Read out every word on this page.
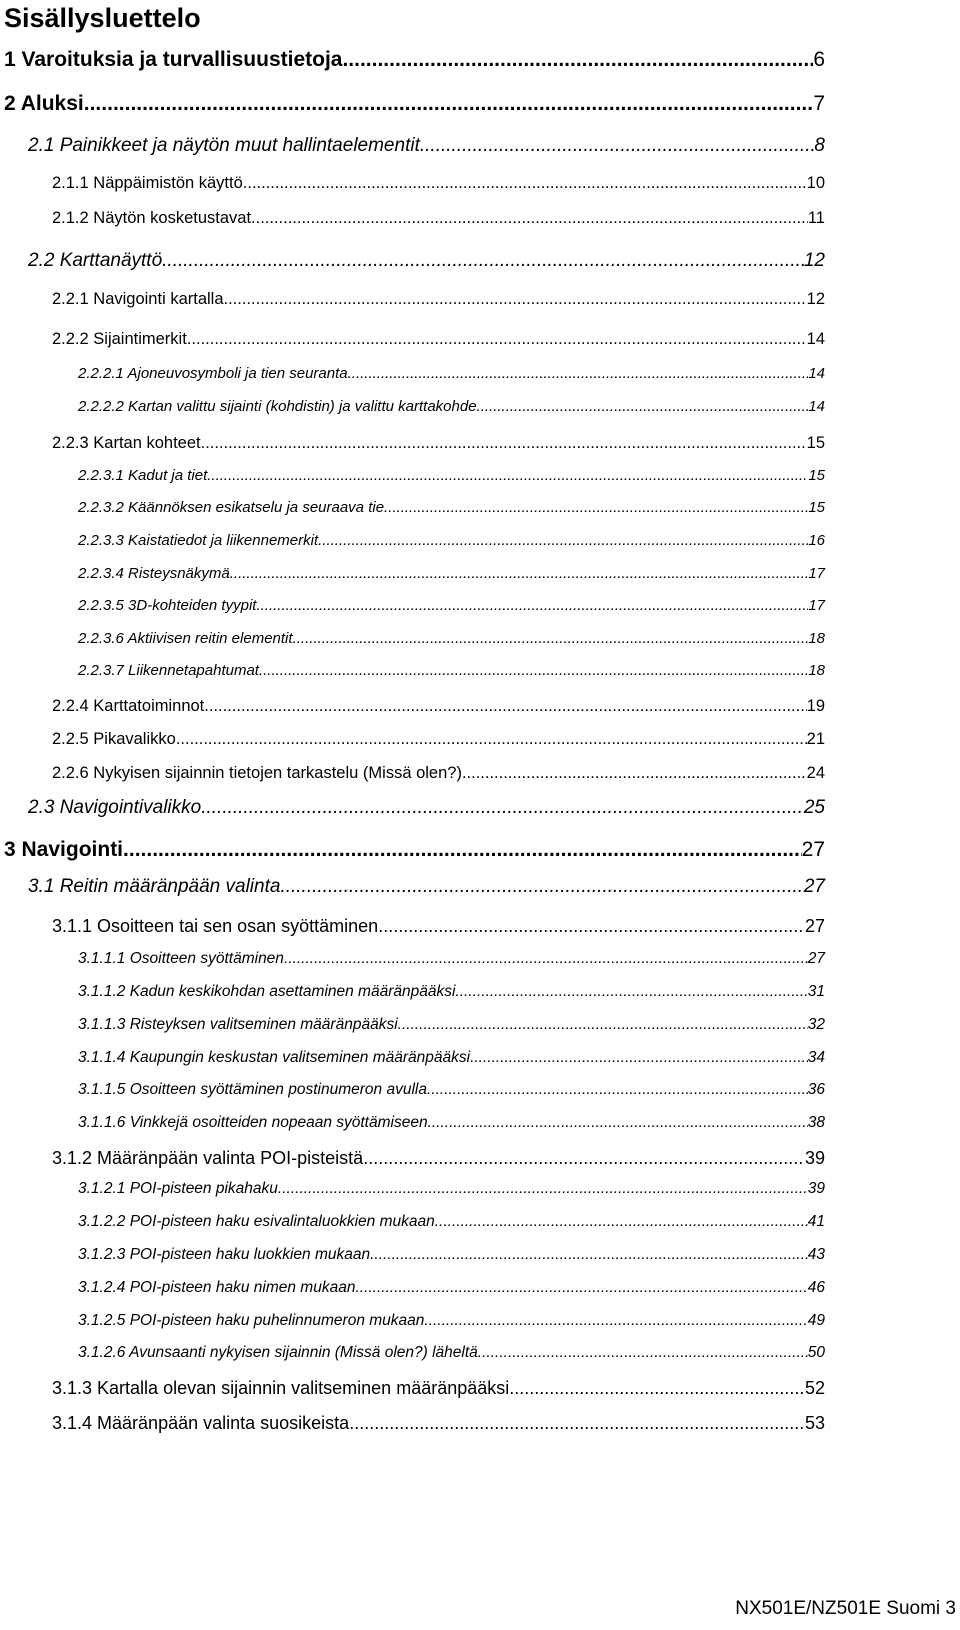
Sisällysluettelo
1 Varoituksia ja turvallisuustietoja .....	6
2 Aluksi .....	7
2.1 Painikkeet ja näytön muut hallintaelementit .....	8
2.1.1 Näppäimistön käyttö .....	10
2.1.2 Näytön kosketustavat .....	11
2.2 Karttanäyttö .....	12
2.2.1 Navigointi kartalla .....	12
2.2.2 Sijaintimerkit .....	14
2.2.2.1 Ajoneuvosymboli ja tien seuranta .....	14
2.2.2.2 Kartan valittu sijainti (kohdistin) ja valittu karttakohde .....	14
2.2.3 Kartan kohteet .....	15
2.2.3.1 Kadut ja tiet .....	15
2.2.3.2 Käännöksen esikatselu ja seuraava tie .....	15
2.2.3.3 Kaistatiedot ja liikennemerkit .....	16
2.2.3.4 Risteysnäkymä .....	17
2.2.3.5 3D-kohteiden tyypit .....	17
2.2.3.6 Aktiivisen reitin elementit .....	18
2.2.3.7 Liikennetapahtumat .....	18
2.2.4 Karttatoiminnot .....	19
2.2.5 Pikavalikko .....	21
2.2.6 Nykyisen sijainnin tietojen tarkastelu (Missä olen?) .....	24
2.3 Navigointivalikko .....	25
3 Navigointi .....	27
3.1 Reitin määränpään valinta .....	27
3.1.1 Osoitteen tai sen osan syöttäminen .....	27
3.1.1.1 Osoitteen syöttäminen .....	27
3.1.1.2 Kadun keskikohdan asettaminen määränpääksi .....	31
3.1.1.3 Risteyksen valitseminen määränpääksi .....	32
3.1.1.4 Kaupungin keskustan valitseminen määränpääksi .....	34
3.1.1.5 Osoitteen syöttäminen postinumeron avulla .....	36
3.1.1.6 Vinkkejä osoitteiden nopeaan syöttämiseen .....	38
3.1.2 Määränpään valinta POI-pisteistä .....	39
3.1.2.1 POI-pisteen pikahaku .....	39
3.1.2.2 POI-pisteen haku esivalintaluokkien mukaan .....	41
3.1.2.3 POI-pisteen haku luokkien mukaan .....	43
3.1.2.4 POI-pisteen haku nimen mukaan .....	46
3.1.2.5 POI-pisteen haku puhelinnumeron mukaan .....	49
3.1.2.6 Avunsaanti nykyisen sijainnin (Missä olen?) läheltä .....	50
3.1.3 Kartalla olevan sijainnin valitseminen määränpääksi .....	52
3.1.4 Määränpään valinta suosikeista .....	53
NX501E/NZ501E Suomi 3
